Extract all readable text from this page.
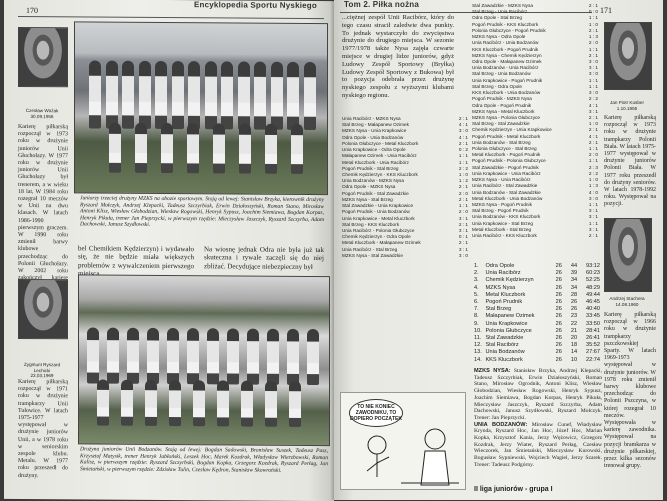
170
Encyklopedia Sportu Nyskiego
Czesław Woźak
30.09.1956
Karierę piłkarską rozpoczął w 1973 roku w drużynie juniorów Unii Głuchołazy. W 1977 roku w drużynie juniorów Unii Głuchołazy był trenerem, a w wieku 18 lat, W 1984 roku rozegrał 10 meczów w Unii na dwu klasach. W latach 1986-1990 pierwszym graczem. W 1990 roku zmienił barwy klubowe przechodząc do Polonii Głuchołazy. W 2002 roku
Juniorzy trzeciej drużyny MZKS na obozie sportowym. Stoją od lewej: Stanisław Brzyka, kierownik drużyny Ryszard Mołczyk, Andrzej Klepacki, Tadeusz Szczyrbiak, Erwin Działoszyński, Roman Stano, Mirosław Antoni Klisz, Wiesław Głobodzian, Wiesław Rogowski, Henryk Sypusz, Joachim Siemiawa, Bogdan Korpas, Henryk Pikuła, trener Jan Pieprzycki, w pierwszym rzędzie: Mieczysław Jaszczyk, Ryszard Szczyrba, Adam Dachowski, Janusz Szydłowski.
bel Chemikiem Kędzierzyn) i wydawało się, że nie będzie miała większych problemów z wywalczeniem pierwszego
Na wiosnę jednak Odra nie była już tak skuteczna i rywale zaczęli się do niej zbliżać. Decydujące niebezpieczny był
Zygmunt Ryszard Lechicki
23.03.1969
Karierę piłkarską rozpoczął w 1971 roku w drużynie trampkarzy Unii Tułowice. W latach 1975-1977 występował w drużynie juniorów Unii, a w 1978 roku w seniorskim zespole klubu. Metalu. W 1977 roku przeszedł do drużyny.
Drużyna juniorów Unii Bodzanów. Stoją od lewej: Bogdan Sadowski, Bronisław Suszek, Tadeusz Pasz, Krzysztof Matysik, trener Henryk Jabłoński, Leszek Hoc, Marek Kozdrak, Władysław Wierzbowski, Roman Kalisz, w pierwszym rzędzie: Ryszard Szczyrbski, Bogdan Kopka, Grzegorz Kozdrak, Ryszard Perłag, Jan Śmietański, w pierwszym rzędzie: Zdzisław Tulin, Czesław Kędron, Stanisław Skowroński.
Tom 2. Piłka nożna
171
...ciężnej zespół Unii Racibórz, który do tego czasu stracił zaledwie dwa punkty. To jednak wystarczyło do zwycięstwa drużynie do drugiego miejsca. W sezonie 1977/1978 także Nysa zajęła czwarte miejsce w drugiej lidze juniorów, gdyż Ludowy Zespół Sportowy (Bryłka) Ludowy Zespół Sportowy z Bukowa) był to pozycja odebrała przez drużynę nyskiego zespołu z wyższymi klubami nyskiego regionu.
Unia Racibórz - MZKS Nysa	2 : 1
Stal Brzeg - Małapanew Ozimek	4 : 1
MZKS Nysa - Unia Krapkowice	3 : 0
Odra Opole - Unia Bodzanów	4 : 1
Polonia Głubczyce - Metal Kluczbork	2 : 1
Unia Krapkowice - Odra Opole	0 : 2
Małapanew Ozimek - Unia Racibórz	1 : 1
Metal Kluczbork - Unia Racibórz	1 : 1
Pogoń Prudnik - Stal Brzeg	2 : 2
Chemik Kędzierzyn - KKS Kluczbork	1 : 0
Unia Bodzanów - MZKS Nysa	1 : 2
Odra Opole - MZKS Nysa	2 : 1
Pogoń Prudnik - Stal Zawadzkie	2 : 0
MZKS Nysa - Stal Brzeg	2 : 1
Stal Zawadzkie - Unia Krapkowice	1 : 1
Pogoń Prudnik - Unia Bodzanów	2 : 0
Unia Krapkowice - Metal Kluczbork	3 : 1
Stal Brzeg - KKS Kluczbork	2 : 1
Unia Racibórz - Polonia Głubczyce	3 : 1
Chemik Kędzierzyn - Odra Opole	0 : 1
Metal Kluczbork - Małapanew Ozimek	2 : 1
Unia Racibórz - Stal Brzeg	3 : 1
MZKS Nysa - Stal Zawadzkie	3 : 0
Stal Zawadzkie - MZKS Nysa	2 : 1
Stal Brzeg - Unia Racibórz	0 : 0
Odra Opole - Stal Brzeg	1 : 1
Pogoń Prudnik - KKS Kluczbork	1 : 0
Polonia Głubczyce - Pogoń Prudnik	2 : 1
MZKS Nysa - Odra Opole	1 : 3
Unia Racibórz - Unia Bodzanów	2 : 0
KKS Kluczbork - Pogoń Prudnik	1 : 1
MZKS Nysa - Chemik Kędzierzyn	2 : 1
Odra Opole - Małapanew Ozimek	3 : 0
Unia Bodzanów - Unia Racibórz	3 : 1
Stal Brzeg - Unia Bodzanów	3 : 0
Unia Krapkowice - Pogoń Prudnik	1 : 1
Stal Brzeg - Odra Opole	1 : 1
KKS Kluczbork - Unia Bodzanów	3 : 0
Pogoń Prudnik - MZKS Nysa	2 : 2
Odra Opole - Pogoń Prudnik	4 : 1
MZKS Nysa - Metal Kluczbork	3 : 1
MZKS Nysa - Polonia Głubczyce	2 : 1
Stal Brzeg - Stal Zawadzkie	1 : 0
Chemik Kędzierzyn - Unia Krapkowice	2 : 1
Pogoń Prudnik - Metal Kluczbork	4 : 1
Unia Bodzanów - Stal Brzeg	2 : 1
Polonia Głubczyce - Stal Brzeg	1 : 1
Metal Kluczbork - Pogoń Prudnik	2 : 0
Pogoń Prudnik - Polonia Głubczyce	1 : 1
Stal Zawadzkie - Pogoń Prudnik	2 : 3
Unia Krapkowice - Unia Racibórz	2 : 2
MZKS Nysa - Unia Racibórz	1 : 0
Unia Racibórz - Stal Zawadzkie	1 : 3
Unia Bodzanów - Stal Zawadzkie	4 : 0
Metal Kluczbork - Unia Bodzanów	3 : 0
MZKS Nysa - Pogoń Prudnik	1 : 1
Stal Brzeg - Pogoń Prudnik	3 : 1
Unia Bodzanów - KKS Kluczbork	3 : 1
Unia Krapkowice - Stal Brzeg	1 : 1
Metal Kluczbork - Stal Brzeg	3 : 1
Unia Racibórz - KKS Kluczbork	2 : 1
1.	Odra Opole	26	44	93:12
2.	Unia Racibórz	26	39	60:23
3.	Chemik Kędzierzyn	26	34	52:25
4.	MZKS Nysa	26	34	48:29
5.	Metal Kluczbork	26	28	49:44
6.	Pogoń Prudnik	26	26	46:45
7.	Stal Brzeg	26	26	40:40
8.	Małapanew Ozimek	26	23	33:45
9.	Unia Krapkowice	26	22	33:50
10. Polonia Głubczyce	26	21	28:41
11. Stal Zawadzkie	26	20	26:41
12. Stal Racibórz	26	18	35:52
13. Unia Bodzanów	26	14	27:67
14. KKS Kluczbork	26	10	22:74
MZKS NYSA: Stanisław Brzyka, Andrzej Klepacki, Tadeusz Szczyrbiak, Erwin Działoszyński, Roman Stano, Mirosław Ogrodnik, Antoni Klisz, Wiesław Głobodzian, Wiesław Rogowski, Henryk Sypusz, Joachim Siemiawa, Bogdan Korpas, Henryk Pikuła, Mieczysław Jaszczyk, Ryszard Szczyrba, Adam Dachowski, Janusz Szydłowski, Ryszard Mołczyk. Trener: Jan Pieprzycki.
UNIA BODZANÓW: Mirosław Cunef, Władysław Krynda, Ryszard Hoc, Jan Hoc, Józef Hoc, Marian Kopka, Krzysztof Kania, Jerzy Wężowicz, Grzegorz Kozdrak, Jerzy Wiater, Ryszard Perłag, Czesław Wieczorek, Jan Śmietański, Mieczysław Kurowski, Bogusław Sypniewski, Wojciech Wagiel, Jerzy Szarek. Trener: Tadeusz Podgórny.
TO NIE KONIEC ZAWODNIKU, TO DOPIERO POCZĄTEK
II liga juniorów - grupa I
Jan Piotr Kusber
1.10.1955
Karierę piłkarską rozpoczął w 1973 roku w drużynie trampkarzy Polonii Biała. W latach 1975-1977 występował w drużynie juniorów Polonii Biała. W 1977 roku przeszedł do drużyny seniorów. W latach 1978-1992 roku. Występował na pozycji.
Andrzej Stachera
14.08.1960
Karierę piłkarską rozpoczął w 1966 roku w drużynie trampkarzy pszczkowskiej Sparty. W latach 1969-1973 występował w drużynie juniorów. W 1978 roku zmienił barwy klubowe przechodząc do Polonii Pszczyna, w której rozegrał 10 meczów. Występowała w karierę zawodnika. Występował na pozycji bramkarza w drużynie piłkarskiej, przez kilka sezonów trenował grupy.
